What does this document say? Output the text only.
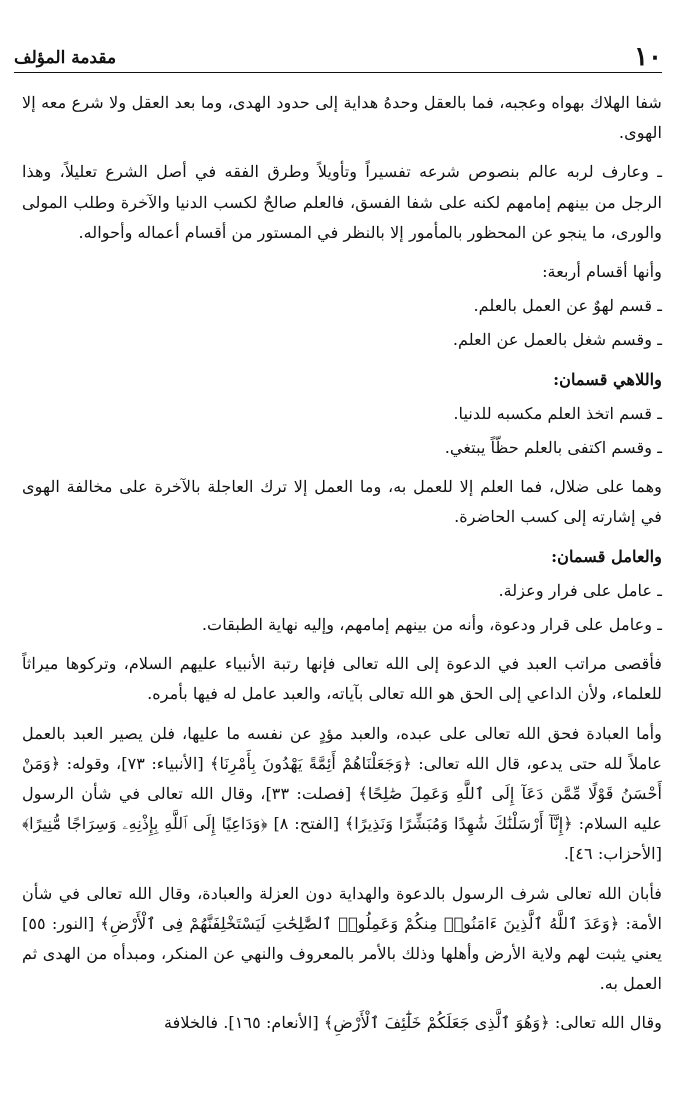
١٠
مقدمة المؤلف

شفا الهلاك بهواه وعجبه، فما بالعقل وحدهُ هداية إلى حدود الهدى، وما بعد العقل ولا شرع معه إلا الهوى.

ـ وعارف لربه عالم بنصوص شرعه تفسيراً وتأويلاً وطرق الفقه في أصل الشرع تعليلاً، وهذا الرجل من بينهم إمامهم لكنه على شفا الفسق، فالعلم صالحٌ لكسب الدنيا والآخرة وطلب المولى والورى، ما ينجو عن المحظور بالمأمور إلا بالنظر في المستور من أقسام أعماله وأحواله.

وأنها أقسام أربعة:

ـ قسم لهوٌ عن العمل بالعلم.

ـ وقسم شغل بالعمل عن العلم.

واللاهي قسمان:

ـ قسم اتخذ العلم مكسبه للدنيا.

ـ وقسم اكتفى بالعلم حظّاً يبتغي.

وهما على ضلال، فما العلم إلا للعمل به، وما العمل إلا ترك العاجلة بالآخرة على مخالفة الهوى في إشارته إلى كسب الحاضرة.

والعامل قسمان:

ـ عامل على فرار وعزلة.

ـ وعامل على قرار ودعوة، وأنه من بينهم إمامهم، وإليه نهاية الطبقات.

فأقصى مراتب العبد في الدعوة إلى الله تعالى فإنها رتبة الأنبياء عليهم السلام، وتركوها ميراثاً للعلماء، ولأن الداعي إلى الحق هو الله تعالى بآياته، والعبد عامل له فيها بأمره.

وأما العبادة فحق الله تعالى على عبده، والعبد مؤدٍ عن نفسه ما عليها، فلن يصير العبد بالعمل عاملاً لله حتى يدعو، قال الله تعالى: ﴿وَجَعَلْنَاهُمْ أَئِمَّةً يَهْدُونَ بِأَمْرِنَا﴾ [الأنبياء: ٧٣]، وقوله: ﴿وَمَنْ أَحْسَنُ قَوْلًا مِّمَّن دَعَآ إِلَى ٱللَّهِ وَعَمِلَ صَٰلِحًا﴾ [فصلت: ٣٣]، وقال الله تعالى في شأن الرسول عليه السلام: ﴿إِنَّآ أَرْسَلْنَٰكَ شَٰهِدًا وَمُبَشِّرًا وَنَذِيرًا﴾ [الفتح: ٨] ﴿وَدَاعِيًا إِلَى ٱللَّهِ بِإِذْنِهِۦ وَسِرَاجًا مُّنِيرًا﴾ [الأحزاب: ٤٦].

فأبان الله تعالى شرف الرسول بالدعوة والهداية دون العزلة والعبادة، وقال الله تعالى في شأن الأمة: ﴿وَعَدَ ٱللَّهُ ٱلَّذِينَ ءَامَنُوا۟ مِنكُمْ وَعَمِلُوا۟ ٱلصَّٰلِحَٰتِ لَيَسْتَخْلِفَنَّهُمْ فِى ٱلْأَرْضِ﴾ [النور: ٥٥] يعني يثبت لهم ولاية الأرض وأهلها وذلك بالأمر بالمعروف والنهي عن المنكر، ومبدأه من الهدى ثم العمل به.

وقال الله تعالى: ﴿وَهُوَ ٱلَّذِى جَعَلَكُمْ خَلَٰٓئِفَ ٱلْأَرْضِ﴾ [الأنعام: ١٦٥]. فالخلافة
